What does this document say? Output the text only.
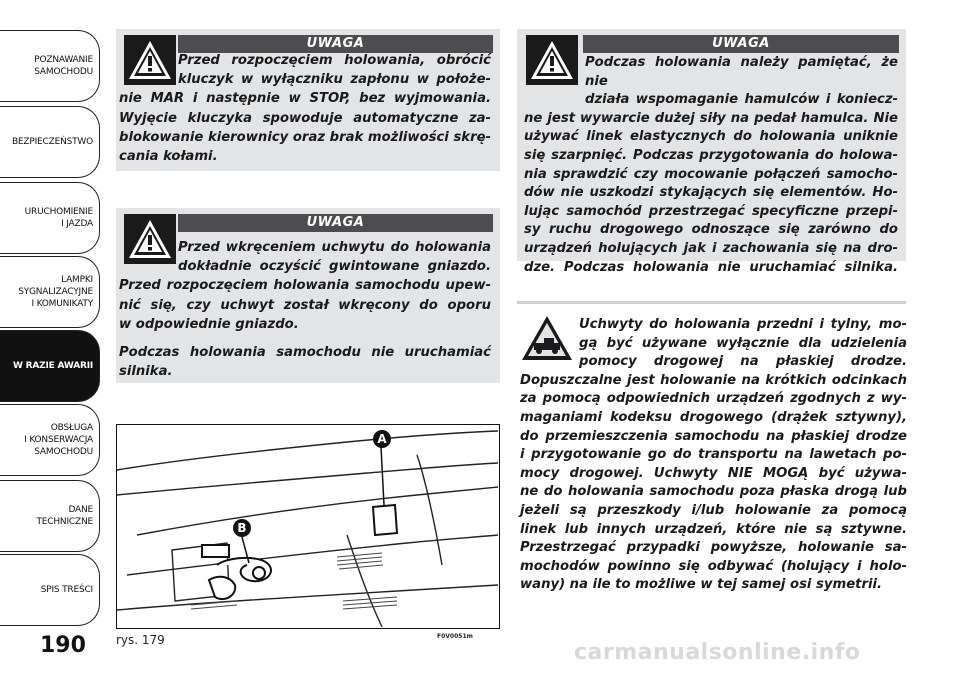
POZNAWANIE
SAMOCHODU
BEZPIECZEŃSTWO
URUCHOMIENIE
I JAZDA
LAMPKI
SYGNALIZACYJNE
I KOMUNIKATY
W RAZIE AWARII
OBSŁUGA
I KONSERWACJA
SAMOCHODU
DANE
TECHNICZNE
SPIS TREŚCI
190
UWAGA
Przed rozpoczęciem holowania, obrócić
kluczyk w wyłączniku zapłonu w położe-
nie MAR i następnie w STOP, bez wyjmowania.
Wyjęcie kluczyka spowoduje automatyczne za-
blokowanie kierownicy oraz brak możliwości skrę-
cania kołami.
UWAGA
Przed wkręceniem uchwytu do holowania
dokładnie oczyścić gwintowane gniazdo.
Przed rozpoczęciem holowania samochodu upew-
nić się, czy uchwyt został wkręcony do oporu
w odpowiednie gniazdo.
Podczas holowania samochodu nie uruchamiać
silnika.
UWAGA
Podczas holowania należy pamiętać, że nie
działa wspomaganie hamulców i koniecz-
ne jest wywarcie dużej siły na pedał hamulca. Nie
używać linek elastycznych do holowania uniknie
się szarpnięć. Podczas przygotowania do holowa-
nia sprawdzić czy mocowanie połączeń samocho-
dów nie uszkodzi stykających się elementów. Ho-
lując samochód przestrzegać specyficzne przepi-
sy ruchu drogowego odnoszące się zarówno do
urządzeń holujących jak i zachowania się na dro-
dze. Podczas holowania nie uruchamiać silnika.
Uchwyty do holowania przedni i tylny, mo-
gą być używane wyłącznie dla udzielenia
pomocy drogowej na płaskiej drodze.
Dopuszczalne jest holowanie na krótkich odcinkach
za pomocą odpowiednich urządzeń zgodnych z wy-
maganiami kodeksu drogowego (drążek sztywny),
do przemieszczenia samochodu na płaskiej drodze
i przygotowanie go do transportu na lawetach po-
mocy drogowej. Uchwyty NIE MOGĄ być używa-
ne do holowania samochodu poza płaska drogą lub
jeżeli są przeszkody i/lub holowanie za pomocą
linek lub innych urządzeń, które nie są sztywne.
Przestrzegać przypadki powyższe, holowanie sa-
mochodów powinno się odbywać (holujący i holo-
wany) na ile to możliwe w tej samej osi symetrii.
A
B
rys. 179	F0V0051m
carmanualsonline.info
